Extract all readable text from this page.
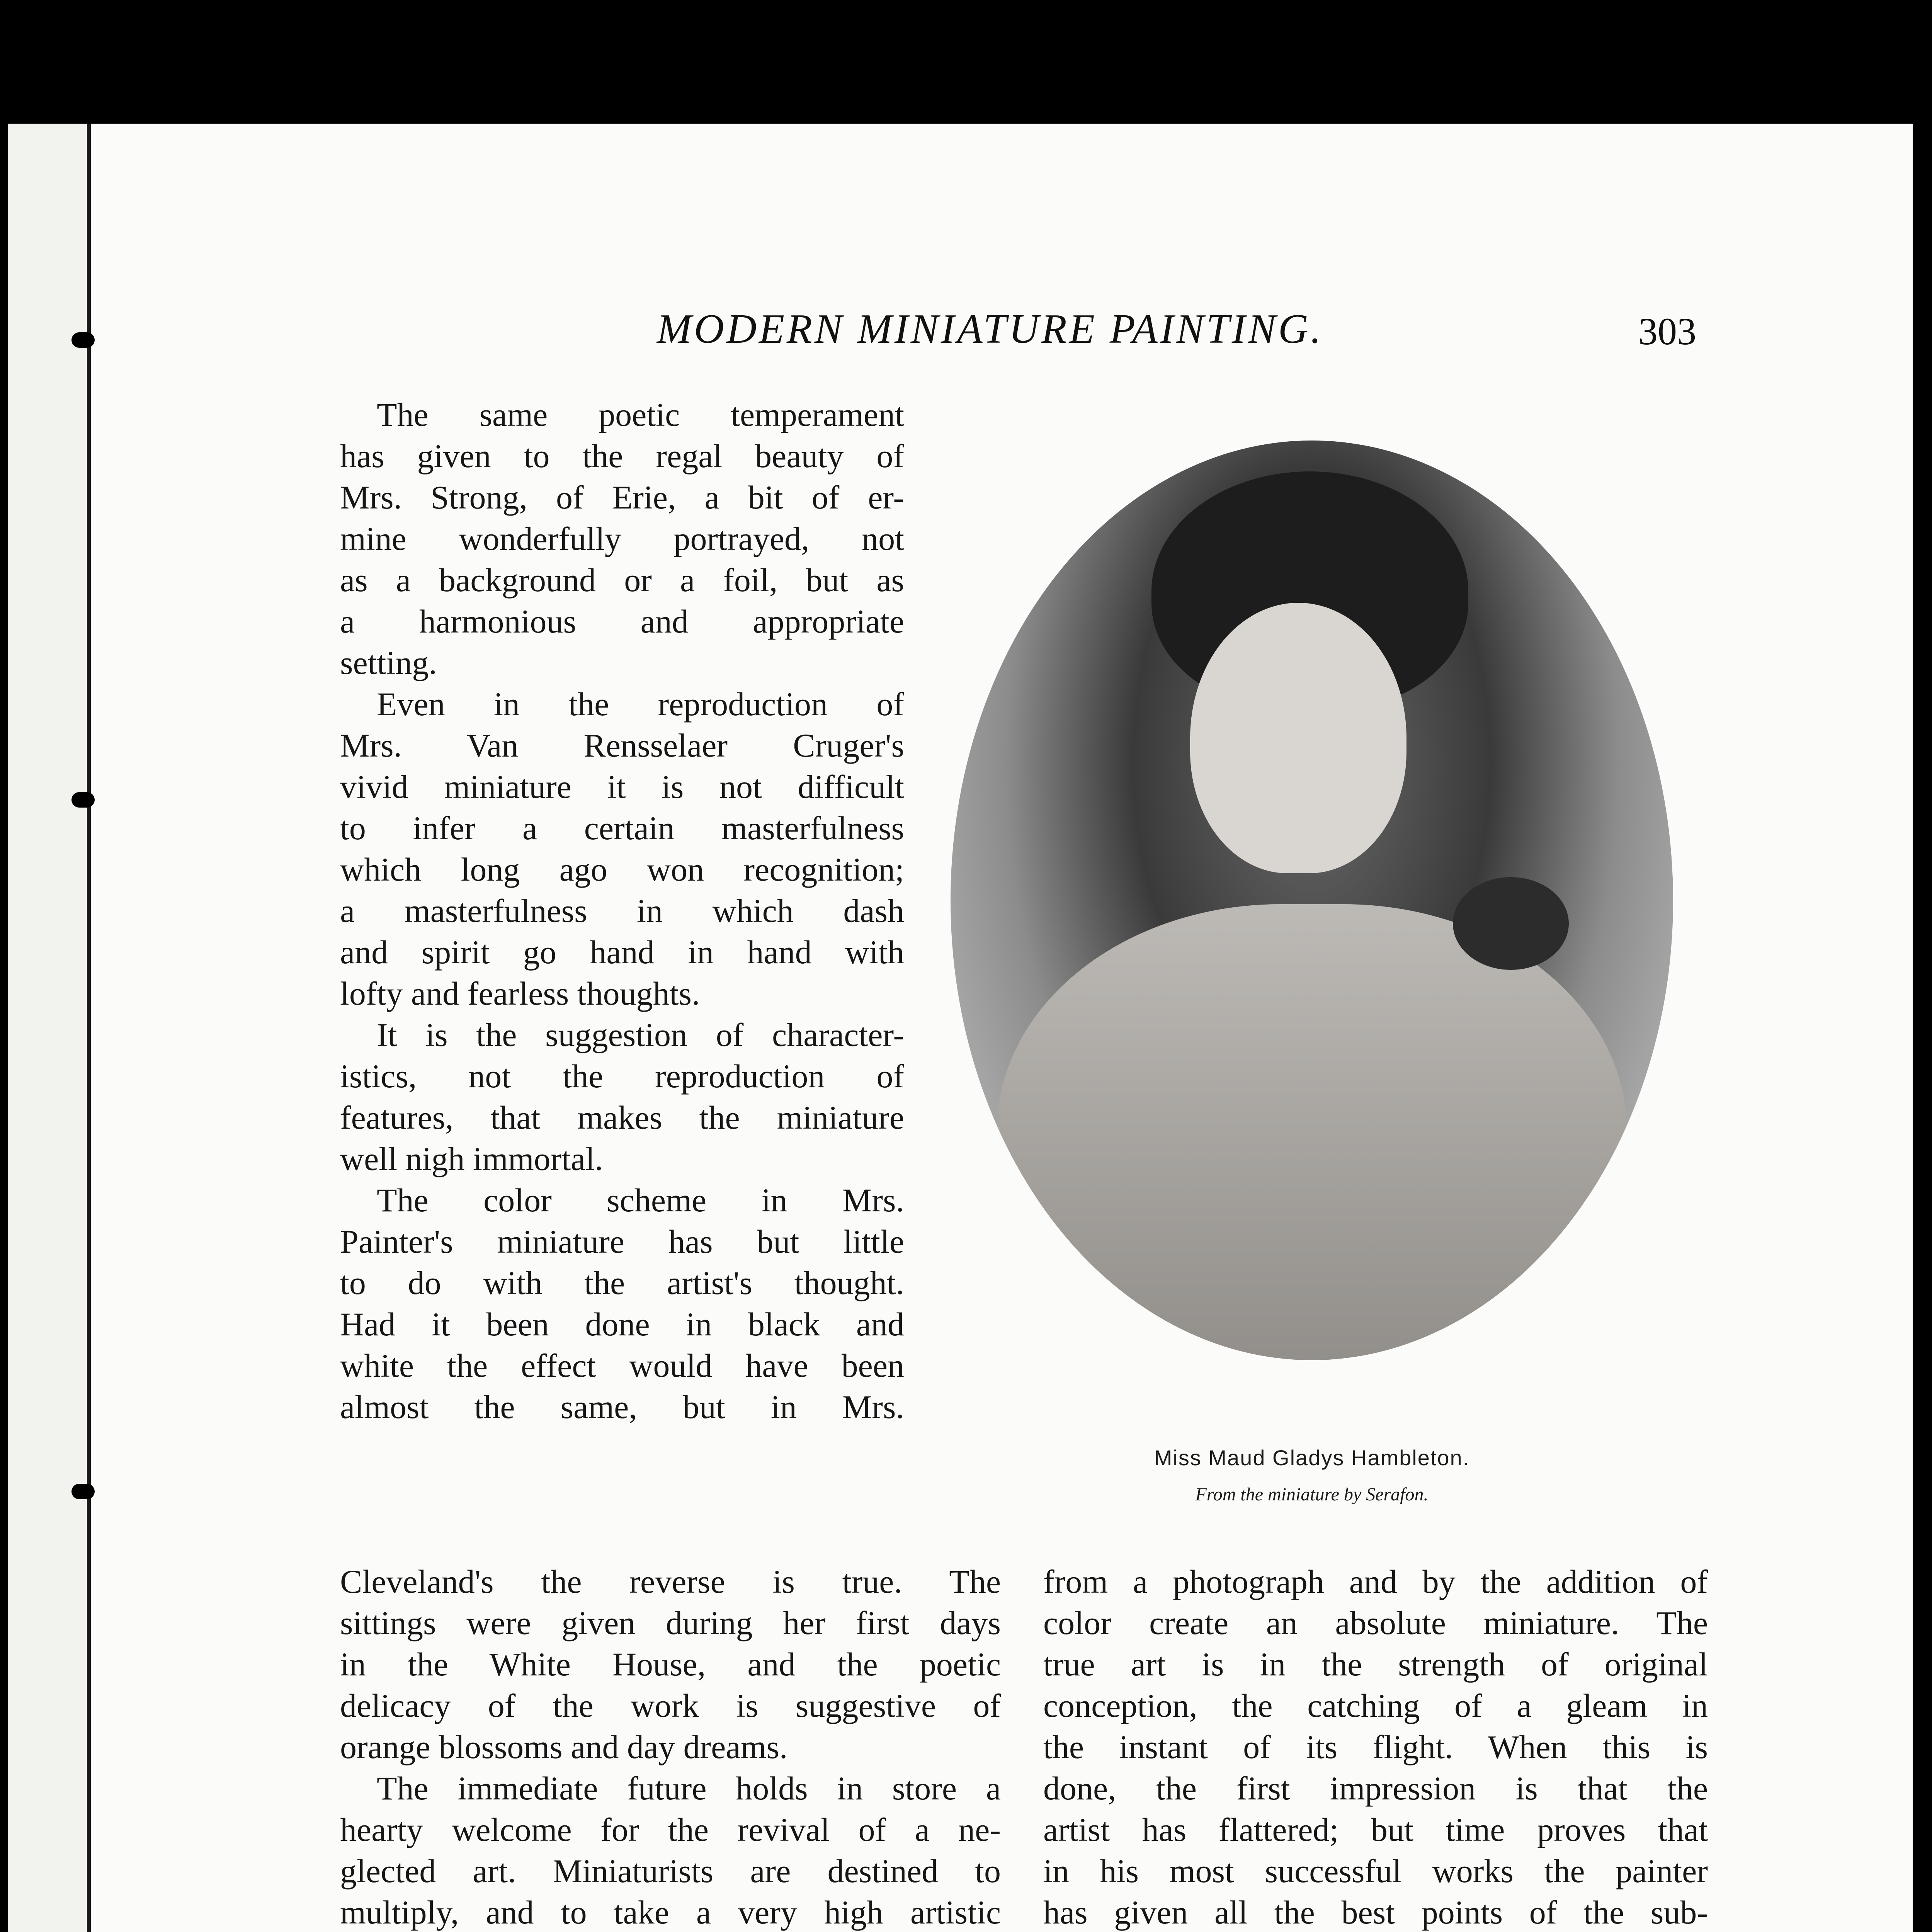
MODERN MINIATURE PAINTING.	303
The same poetic temperament
has given to the regal beauty of
Mrs. Strong, of Erie, a bit of er-
mine wonderfully portrayed, not
as a background or a foil, but as
a harmonious and appropriate
setting.
Even in the reproduction of
Mrs. Van Rensselaer Cruger's
vivid miniature it is not difficult
to infer a certain masterfulness
which long ago won recognition;
a masterfulness in which dash
and spirit go hand in hand with
lofty and fearless thoughts.
It is the suggestion of character-
istics, not the reproduction of
features, that makes the miniature
well nigh immortal.
The color scheme in Mrs.
Painter's miniature has but little
to do with the artist's thought.
Had it been done in black and
white the effect would have been
almost the same, but in Mrs.
Cleveland's the reverse is true. The
sittings were given during her first days
in the White House, and the poetic
delicacy of the work is suggestive of
orange blossoms and day dreams.
The immediate future holds in store a
hearty welcome for the revival of a ne-
glected art. Miniaturists are destined to
multiply, and to take a very high artistic
from a photograph and by the addition of
color create an absolute miniature. The
true art is in the strength of original
conception, the catching of a gleam in
the instant of its flight. When this is
done, the first impression is that the
artist has flattered; but time proves that
in his most successful works the painter
has given all the best points of the sub-
Miss Maud Gladys Hambleton.
From the miniature by Serafon.
